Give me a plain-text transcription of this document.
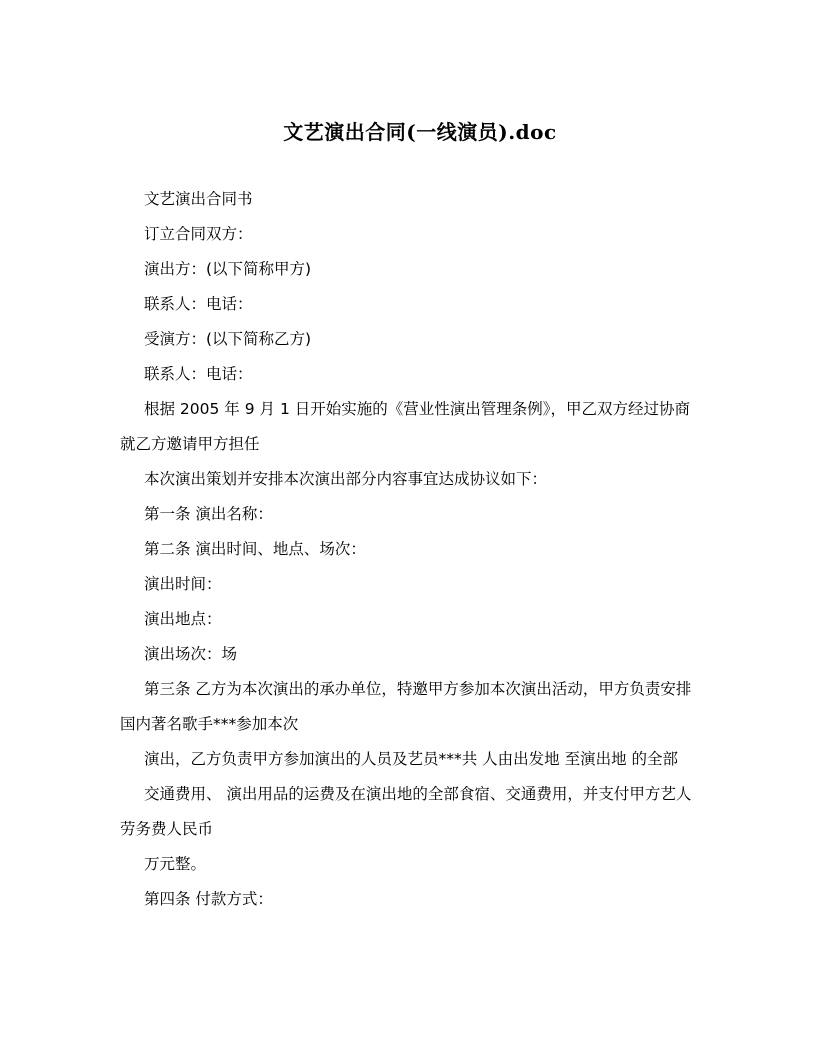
文艺演出合同(一线演员).doc

文艺演出合同书

订立合同双方：

演出方：(以下简称甲方)

联系人：电话：

受演方：(以下简称乙方)

联系人：电话：

根据 2005 年 9 月 1 日开始实施的《营业性演出管理条例》，甲乙双方经过协商就乙方邀请甲方担任

本次演出策划并安排本次演出部分内容事宜达成协议如下：

第一条 演出名称：

第二条 演出时间、地点、场次：

演出时间：

演出地点：

演出场次：场

第三条 乙方为本次演出的承办单位，特邀甲方参加本次演出活动，甲方负责安排国内著名歌手***参加本次

演出，乙方负责甲方参加演出的人员及艺员***共 人由出发地 至演出地 的全部

交通费用、 演出用品的运费及在演出地的全部食宿、交通费用，并支付甲方艺人劳务费人民币

万元整。

第四条 付款方式：
